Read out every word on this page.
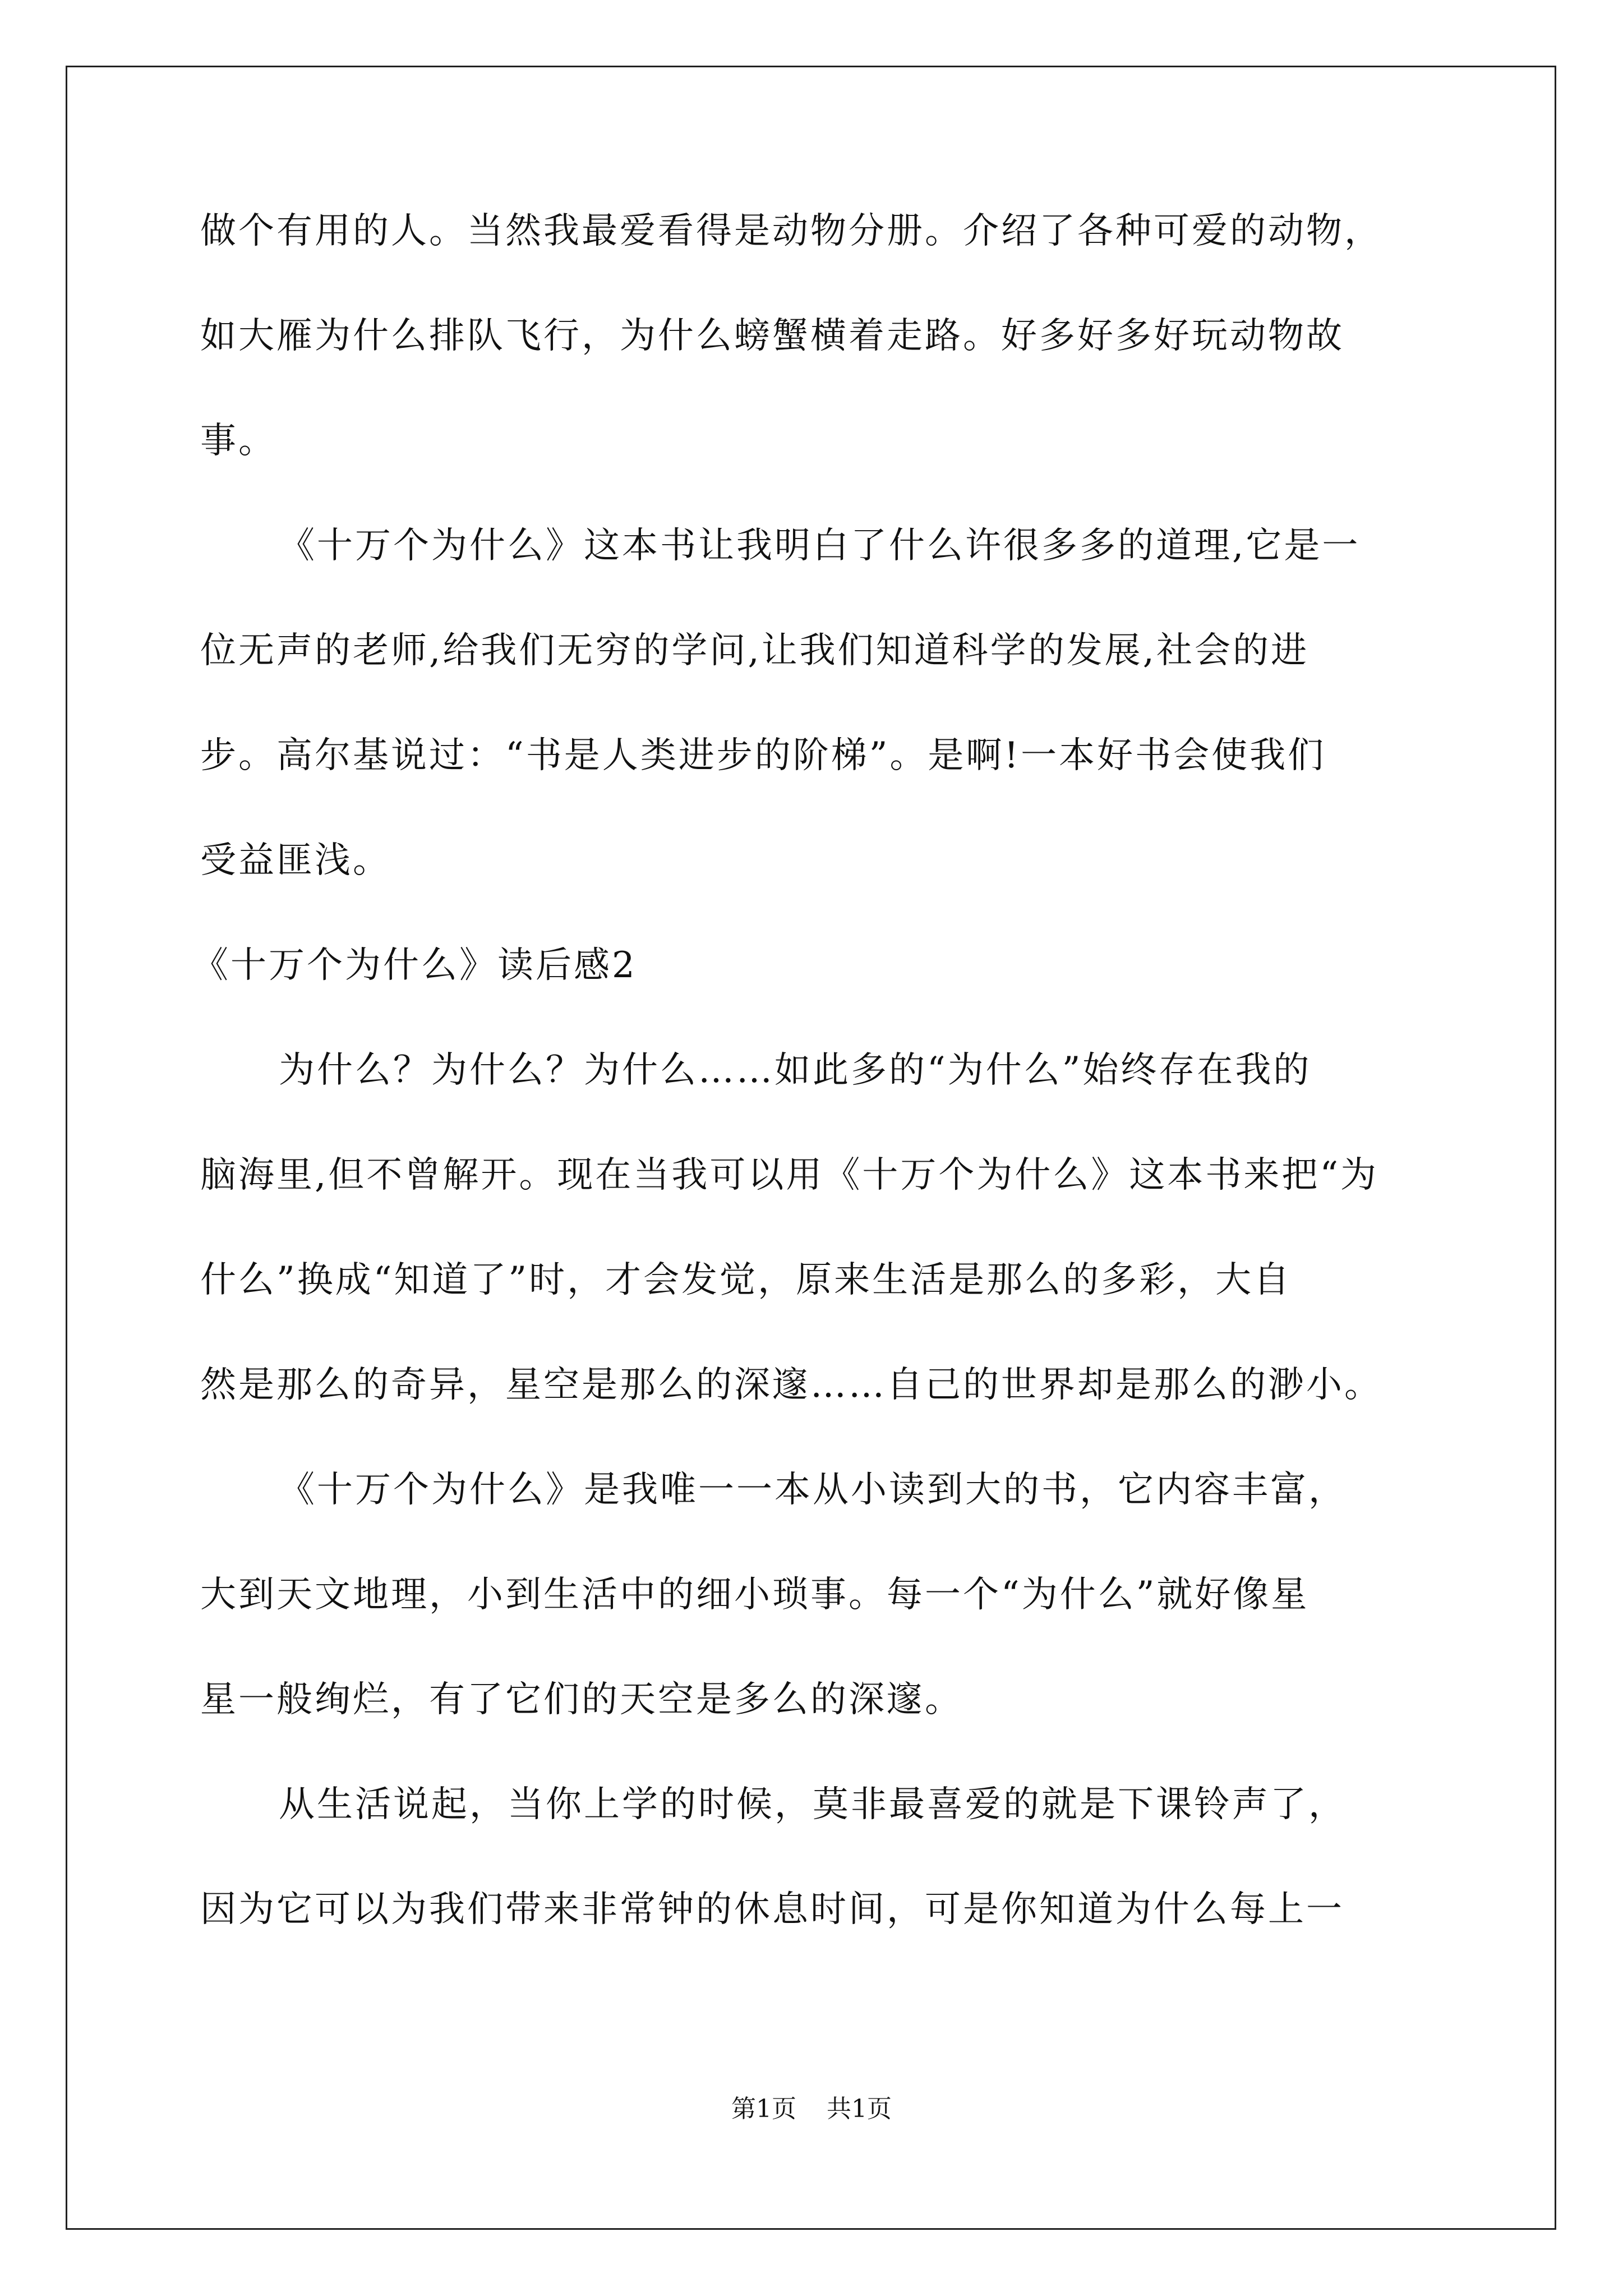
做个有用的人。当然我最爱看得是动物分册。介绍了各种可爱的动物，
如大雁为什么排队飞行，为什么螃蟹横着走路。好多好多好玩动物故
事。
《十万个为什么》这本书让我明白了什么许很多多的道理,它是一
位无声的老师,给我们无穷的学问,让我们知道科学的发展,社会的进
步。高尔基说过：“书是人类进步的阶梯”。是啊!一本好书会使我们
受益匪浅。
《十万个为什么》读后感2
为什么？为什么？为什么……如此多的“为什么”始终存在我的
脑海里,但不曾解开。现在当我可以用《十万个为什么》这本书来把“为
什么”换成“知道了”时，才会发觉，原来生活是那么的多彩，大自
然是那么的奇异，星空是那么的深邃……自己的世界却是那么的渺小。
《十万个为什么》是我唯一一本从小读到大的书，它内容丰富，
大到天文地理，小到生活中的细小琐事。每一个“为什么”就好像星
星一般绚烂，有了它们的天空是多么的深邃。
从生活说起，当你上学的时候，莫非最喜爱的就是下课铃声了，
因为它可以为我们带来非常钟的休息时间，可是你知道为什么每上一
第1页 共1页
